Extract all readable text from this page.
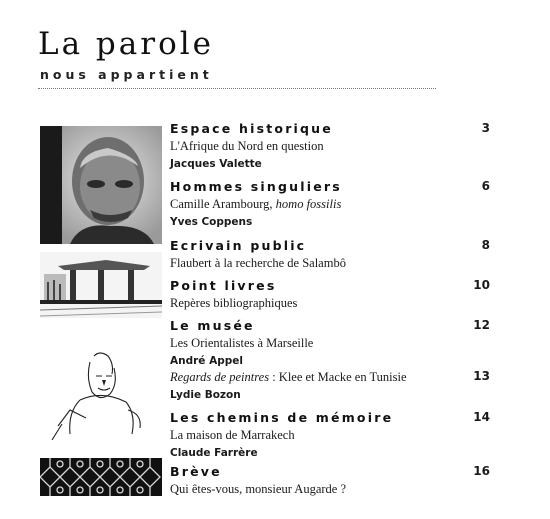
La parole
nous appartient
Espace historique
L'Afrique du Nord en question
Jacques Valette
3
Hommes singuliers
Camille Arambourg, homo fossilis
Yves Coppens
6
Ecrivain public
Flaubert à la recherche de Salambô
8
Point livres
Repères bibliographiques
10
Le musée
Les Orientalistes à Marseille
André Appel
Regards de peintres : Klee et Macke en Tunisie
Lydie Bozon
12
13
Les chemins de mémoire
La maison de Marrakech
Claude Farrère
14
Brève
Qui êtes-vous, monsieur Augarde ?
16
